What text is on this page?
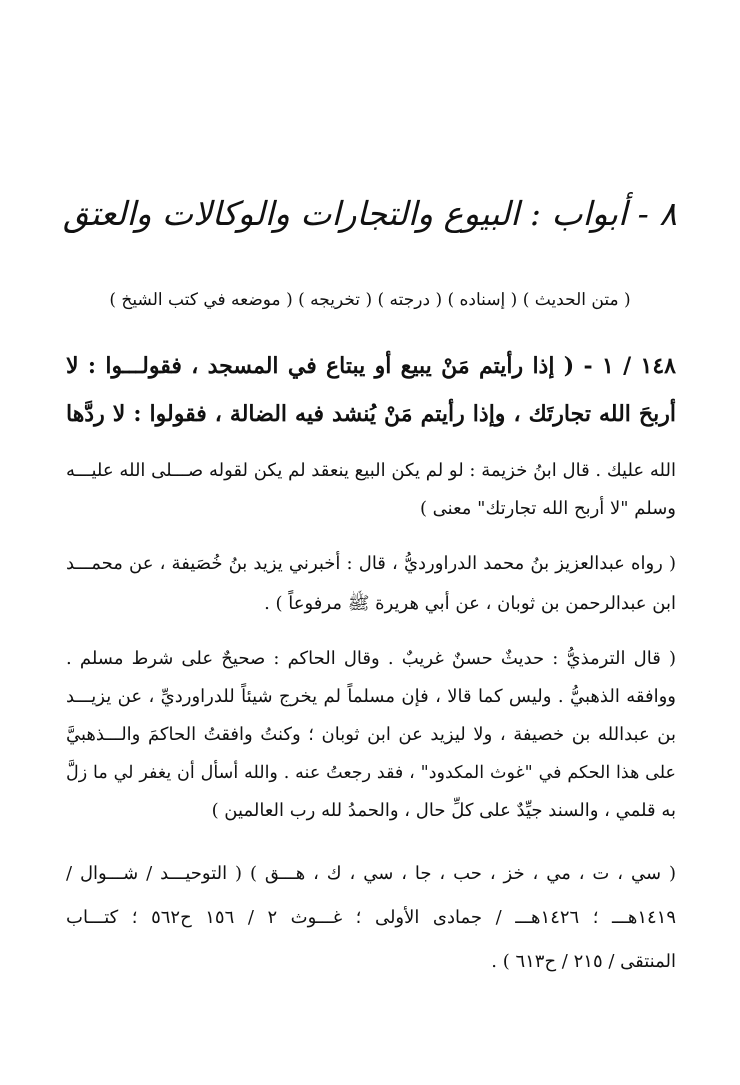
٨ - أبواب : البيوع والتجارات والوكالات والعتق
( متن الحديث ) ( إسناده ) ( درجته ) ( تخريجه ) ( موضعه في كتب الشيخ )
١٤٨ / ١ - ( إذا رأيتم مَنْ يبيع أو يبتاع في المسجد ، فقولـــوا : لا
أربحَ الله تجارتَك ، وإذا رأيتم مَنْ يُنشد فيه الضالة ، فقولوا : لا ردَّها
الله عليك . قال ابنُ خزيمة : لو لم يكن البيع ينعقد لم يكن لقوله صـــلى الله عليـــه
وسلم "لا أربح الله تجارتك" معنى )
( رواه عبدالعزيز بنُ محمد الدراورديُّ ، قال : أخبرني يزيد بنُ خُصَيفة ، عن محمـــد
ابن عبدالرحمن بن ثوبان ، عن أبي هريرة ﷺ مرفوعاً ) .
( قال الترمذيُّ : حديثٌ حسنٌ غريبٌ . وقال الحاكم : صحيحٌ على شرط مسلم .
ووافقه الذهبيُّ . وليس كما قالا ، فإن مسلماً لم يخرج شيئاً للدراورديِّ ، عن يزيـــد
بن عبدالله بن خصيفة ، ولا ليزيد عن ابن ثوبان ؛ وكنتُ وافقتُ الحاكمَ والـــذهبيَّ
على هذا الحكم في "غوث المكدود" ، فقد رجعتُ عنه . والله أسأل أن يغفر لي ما زلَّ
به قلمي ، والسند جيِّدٌ على كلِّ حال ، والحمدُ لله رب العالمين )
( سي ، ت ، مي ، خز ، حب ، جا ، سي ، ك ، هـــق ) ( التوحيـــد / شـــوال /
١٤١٩هـــ ؛ ١٤٢٦هـــ / جمادى الأولى ؛ غـــوث ٢ / ١٥٦ ح٥٦٢ ؛ كتـــاب
المنتقى / ٢١٥ / ح٦١٣ ) .
